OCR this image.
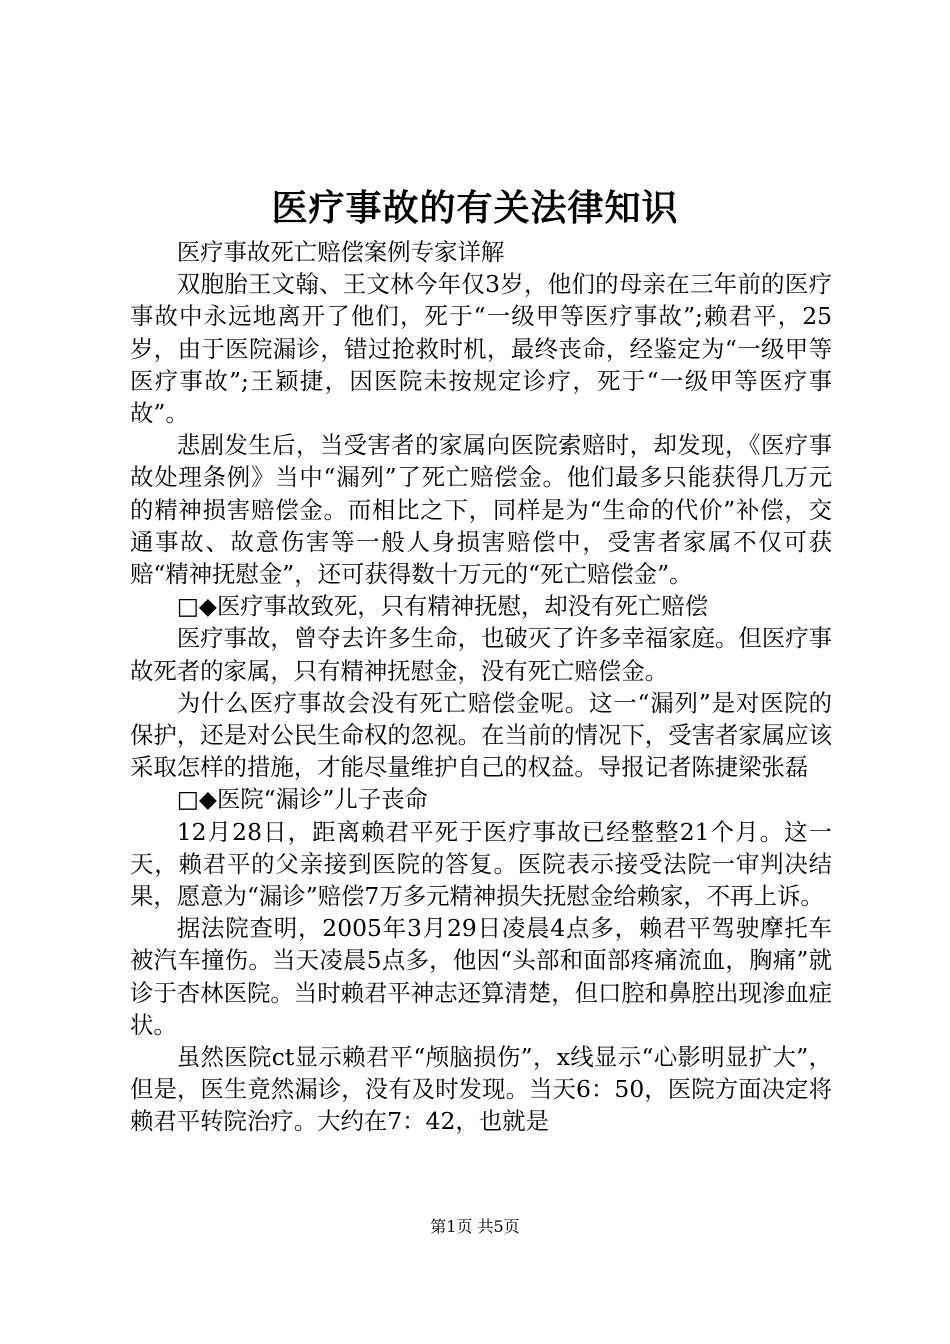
医疗事故的有关法律知识

医疗事故死亡赔偿案例专家详解

双胞胎王文翰、王文林今年仅3岁，他们的母亲在三年前的医疗事故中永远地离开了他们，死于“一级甲等医疗事故”;赖君平，25岁，由于医院漏诊，错过抢救时机，最终丧命，经鉴定为“一级甲等医疗事故”;王颖捷，因医院未按规定诊疗，死于“一级甲等医疗事故”。

悲剧发生后，当受害者的家属向医院索赔时，却发现，《医疗事故处理条例》当中“漏列”了死亡赔偿金。他们最多只能获得几万元的精神损害赔偿金。而相比之下，同样是为“生命的代价”补偿，交通事故、故意伤害等一般人身损害赔偿中，受害者家属不仅可获赔“精神抚慰金”，还可获得数十万元的“死亡赔偿金”。

□◆医疗事故致死，只有精神抚慰，却没有死亡赔偿

医疗事故，曾夺去许多生命，也破灭了许多幸福家庭。但医疗事故死者的家属，只有精神抚慰金，没有死亡赔偿金。

为什么医疗事故会没有死亡赔偿金呢。这一“漏列”是对医院的保护，还是对公民生命权的忽视。在当前的情况下，受害者家属应该采取怎样的措施，才能尽量维护自己的权益。导报记者陈捷梁张磊

□◆医院“漏诊”儿子丧命

12月28日，距离赖君平死于医疗事故已经整整21个月。这一天，赖君平的父亲接到医院的答复。医院表示接受法院一审判决结果，愿意为“漏诊”赔偿7万多元精神损失抚慰金给赖家，不再上诉。

据法院查明，2005年3月29日凌晨4点多，赖君平驾驶摩托车被汽车撞伤。当天凌晨5点多，他因“头部和面部疼痛流血，胸痛”就诊于杏林医院。当时赖君平神志还算清楚，但口腔和鼻腔出现渗血症状。

虽然医院ct显示赖君平“颅脑损伤”，x线显示“心影明显扩大”，但是，医生竟然漏诊，没有及时发现。当天6：50，医院方面决定将赖君平转院治疗。大约在7：42，也就是

第1页 共5页
